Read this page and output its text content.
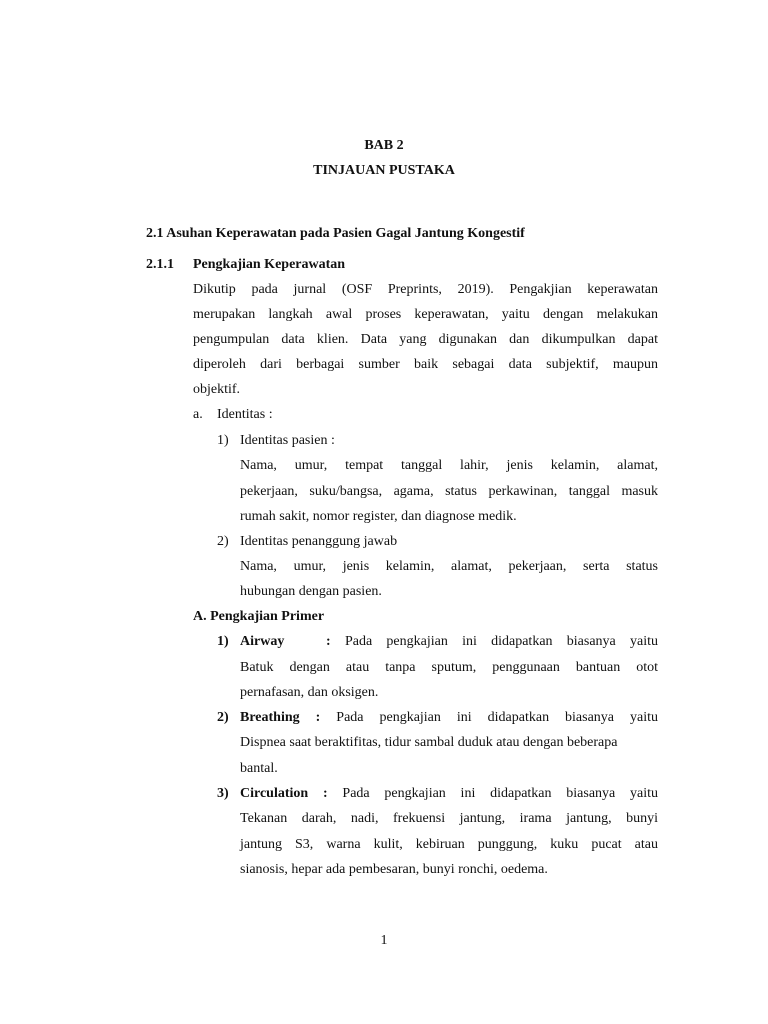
BAB 2
TINJAUAN PUSTAKA
2.1 Asuhan Keperawatan pada Pasien Gagal Jantung Kongestif
2.1.1 Pengkajian Keperawatan
Dikutip pada jurnal (OSF Preprints, 2019). Pengakjian keperawatan
merupakan langkah awal proses keperawatan, yaitu dengan melakukan
pengumpulan data klien. Data yang digunakan dan dikumpulkan dapat
diperoleh dari berbagai sumber baik sebagai data subjektif, maupun
objektif.
a. Identitas :
1) Identitas pasien :
Nama, umur, tempat tanggal lahir, jenis kelamin, alamat,
pekerjaan, suku/bangsa, agama, status perkawinan, tanggal masuk
rumah sakit, nomor register, dan diagnose medik.
2) Identitas penanggung jawab
Nama, umur, jenis kelamin, alamat, pekerjaan, serta status
hubungan dengan pasien.
A. Pengkajian Primer
1) Airway	: Pada pengkajian ini didapatkan biasanya yaitu
Batuk dengan atau tanpa sputum, penggunaan bantuan otot
pernafasan, dan oksigen.
2) Breathing : Pada pengkajian ini didapatkan biasanya yaitu
Dispnea saat beraktifitas, tidur sambal duduk atau dengan beberapa
bantal.
3) Circulation : Pada pengkajian ini didapatkan biasanya yaitu
Tekanan darah, nadi, frekuensi jantung, irama jantung, bunyi
jantung S3, warna kulit, kebiruan punggung, kuku pucat atau
sianosis, hepar ada pembesaran, bunyi ronchi, oedema.
1
